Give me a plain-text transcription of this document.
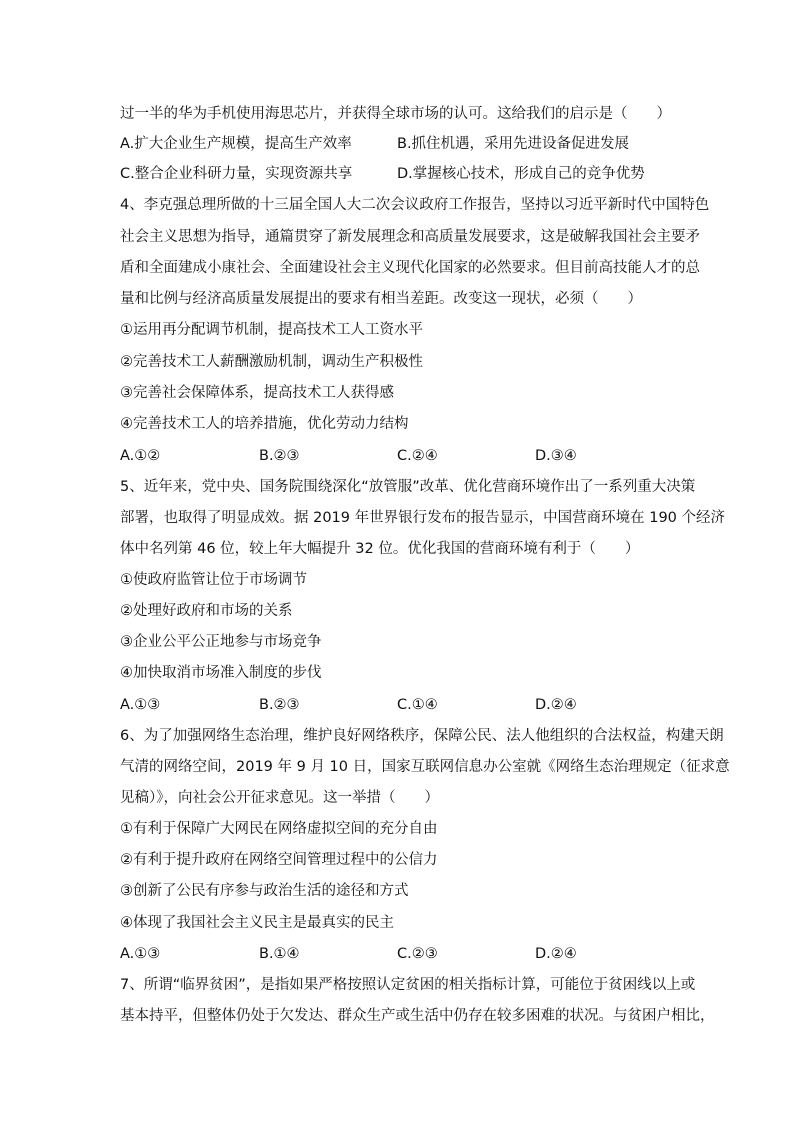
过一半的华为手机使用海思芯片，并获得全球市场的认可。这给我们的启示是（　　）
A.扩大企业生产规模，提高生产效率	B.抓住机遇，采用先进设备促进发展
C.整合企业科研力量，实现资源共享	D.掌握核心技术，形成自己的竞争优势
4、李克强总理所做的十三届全国人大二次会议政府工作报告，坚持以习近平新时代中国特色
社会主义思想为指导，通篇贯穿了新发展理念和高质量发展要求，这是破解我国社会主要矛
盾和全面建成小康社会、全面建设社会主义现代化国家的必然要求。但目前高技能人才的总
量和比例与经济高质量发展提出的要求有相当差距。改变这一现状，必须（　　）
①运用再分配调节机制，提高技术工人工资水平
②完善技术工人薪酬激励机制，调动生产积极性
③完善社会保障体系，提高技术工人获得感
④完善技术工人的培养措施，优化劳动力结构
A.①②	B.②③	C.②④	D.③④
5、近年来，党中央、国务院围绕深化“放管服”改革、优化营商环境作出了一系列重大决策
部署，也取得了明显成效。据 2019 年世界银行发布的报告显示，中国营商环境在 190 个经济
体中名列第 46 位，较上年大幅提升 32 位。优化我国的营商环境有利于（　　）
①使政府监管让位于市场调节
②处理好政府和市场的关系
③企业公平公正地参与市场竞争
④加快取消市场准入制度的步伐
A.①③	B.②③	C.①④	D.②④
6、为了加强网络生态治理，维护良好网络秩序，保障公民、法人他组织的合法权益，构建天朗
气清的网络空间，2019 年 9 月 10 日，国家互联网信息办公室就《网络生态治理规定（征求意
见稿）》，向社会公开征求意见。这一举措（　　）
①有利于保障广大网民在网络虚拟空间的充分自由
②有利于提升政府在网络空间管理过程中的公信力
③创新了公民有序参与政治生活的途径和方式
④体现了我国社会主义民主是最真实的民主
A.①③	B.①④	C.②③	D.②④
7、所谓“临界贫困”，是指如果严格按照认定贫困的相关指标计算，可能位于贫困线以上或
基本持平，但整体仍处于欠发达、群众生产或生活中仍存在较多困难的状况。与贫困户相比，
